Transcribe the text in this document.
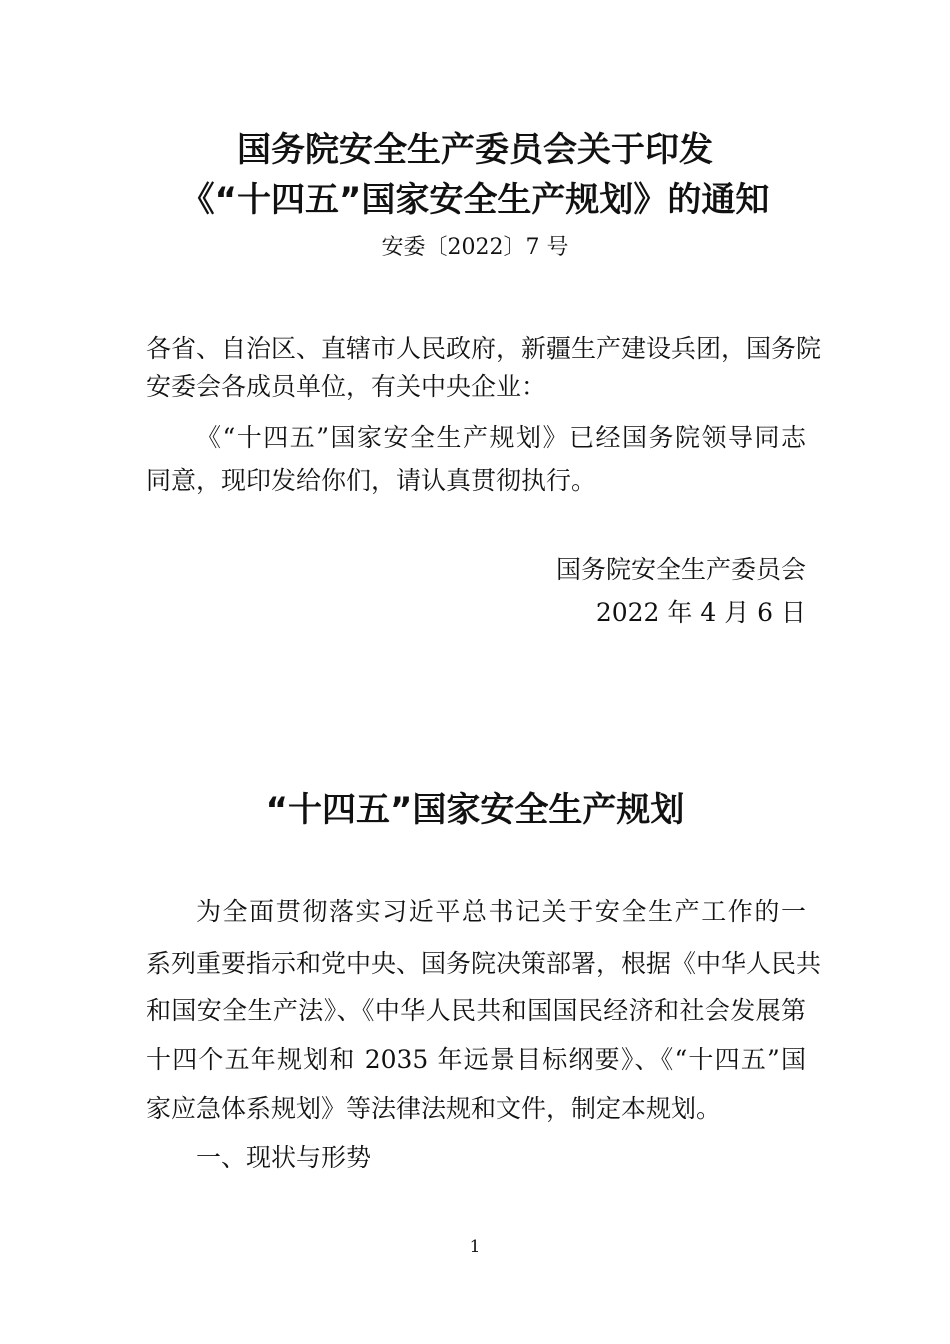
国务院安全生产委员会关于印发
《“十四五”国家安全生产规划》的通知
安委〔2022〕7 号
各省、自治区、直辖市人民政府，新疆生产建设兵团，国务院
安委会各成员单位，有关中央企业：
《“十四五”国家安全生产规划》已经国务院领导同志
同意，现印发给你们，请认真贯彻执行。
国务院安全生产委员会
2022 年 4 月 6 日
“十四五”国家安全生产规划
为全面贯彻落实习近平总书记关于安全生产工作的一
系列重要指示和党中央、国务院决策部署，根据《中华人民共
和国安全生产法》、《中华人民共和国国民经济和社会发展第
十四个五年规划和 2035 年远景目标纲要》、《“十四五”国
家应急体系规划》等法律法规和文件，制定本规划。
一、现状与形势
1
